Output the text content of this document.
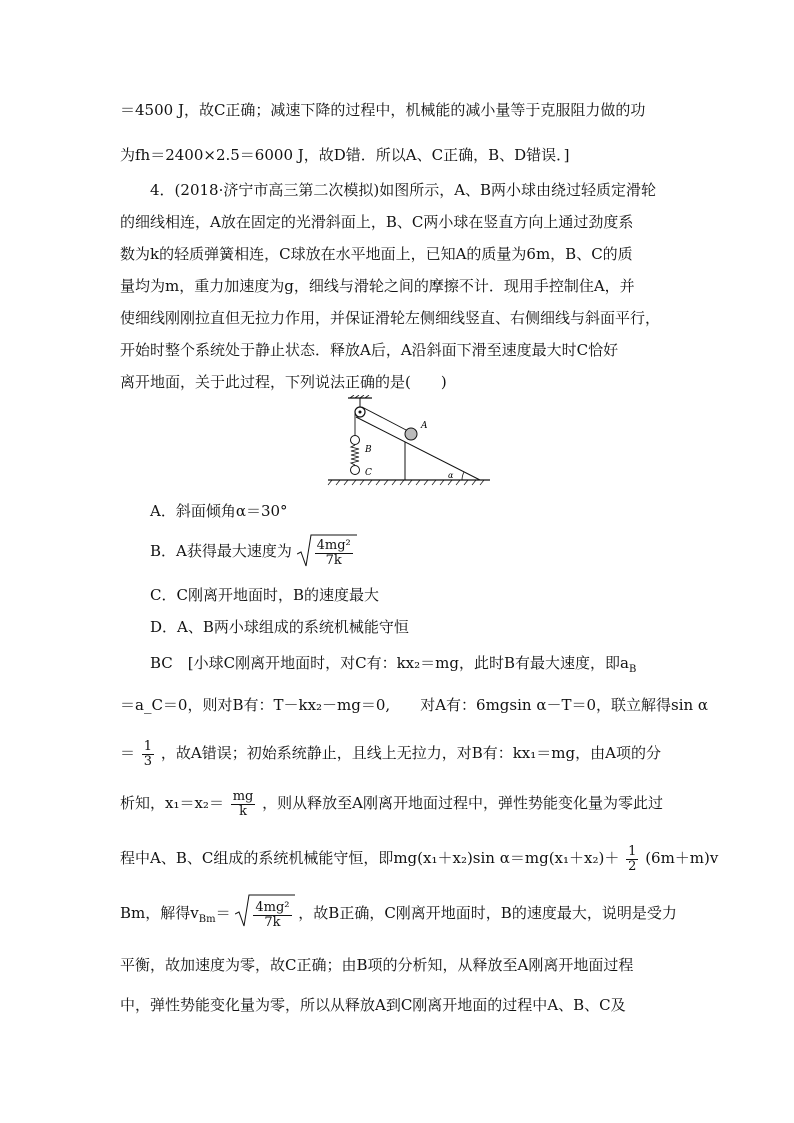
＝4500 J，故C正确；减速下降的过程中，机械能的减小量等于克服阻力做的功
为fh＝2400×2.5＝6000 J，故D错．所以A、C正确，B、D错误．]
4．(2018·济宁市高三第二次模拟)如图所示，A、B两小球由绕过轻质定滑轮
的细线相连，A放在固定的光滑斜面上，B、C两小球在竖直方向上通过劲度系
数为k的轻质弹簧相连，C球放在水平地面上，已知A的质量为6m，B、C的质
量均为m，重力加速度为g，细线与滑轮之间的摩擦不计．现用手控制住A，并
使细线刚刚拉直但无拉力作用，并保证滑轮左侧细线竖直、右侧细线与斜面平行，
开始时整个系统处于静止状态．释放A后，A沿斜面下滑至速度最大时C恰好
离开地面，关于此过程，下列说法正确的是(　　)
A
B
C	α
A．斜面倾角α＝30°
B．A获得最大速度为 $\frac{\text{4mg²}}{7k}$
C．C刚离开地面时，B的速度最大
D．A、B两小球组成的系统机械能守恒
BC　[小球C刚离开地面时，对C有：kx₂＝mg，此时B有最大速度，即$a_B$
＝a_C＝0，则对B有：T－kx₂－mg＝0,　　对A有：6mgsin α－T＝0，联立解得sin α
＝ $\frac{1}{3}$ ，故A错误；初始系统静止，且线上无拉力，对B有：kx₁＝mg，由A项的分
析知，$x_1=x_2= \frac{mg}{k}$ ，则从释放至A刚离开地面过程中，弹性势能变化量为零此过
程中A、B、C组成的系统机械能守恒，即mg(x₁＋x₂)sin $\alpha=mg(x_1+x_2)+ \frac{1}{2} (6m+m)v$
Bm，解得$v_{Bm}= \frac{\text{4mg²}}{7k}$ ，故B正确，C刚离开地面时，B的速度最大，说明是受力
平衡，故加速度为零，故C正确；由B项的分析知，从释放至A刚离开地面过程
中，弹性势能变化量为零，所以从释放A到C刚离开地面的过程中A、B、C及
